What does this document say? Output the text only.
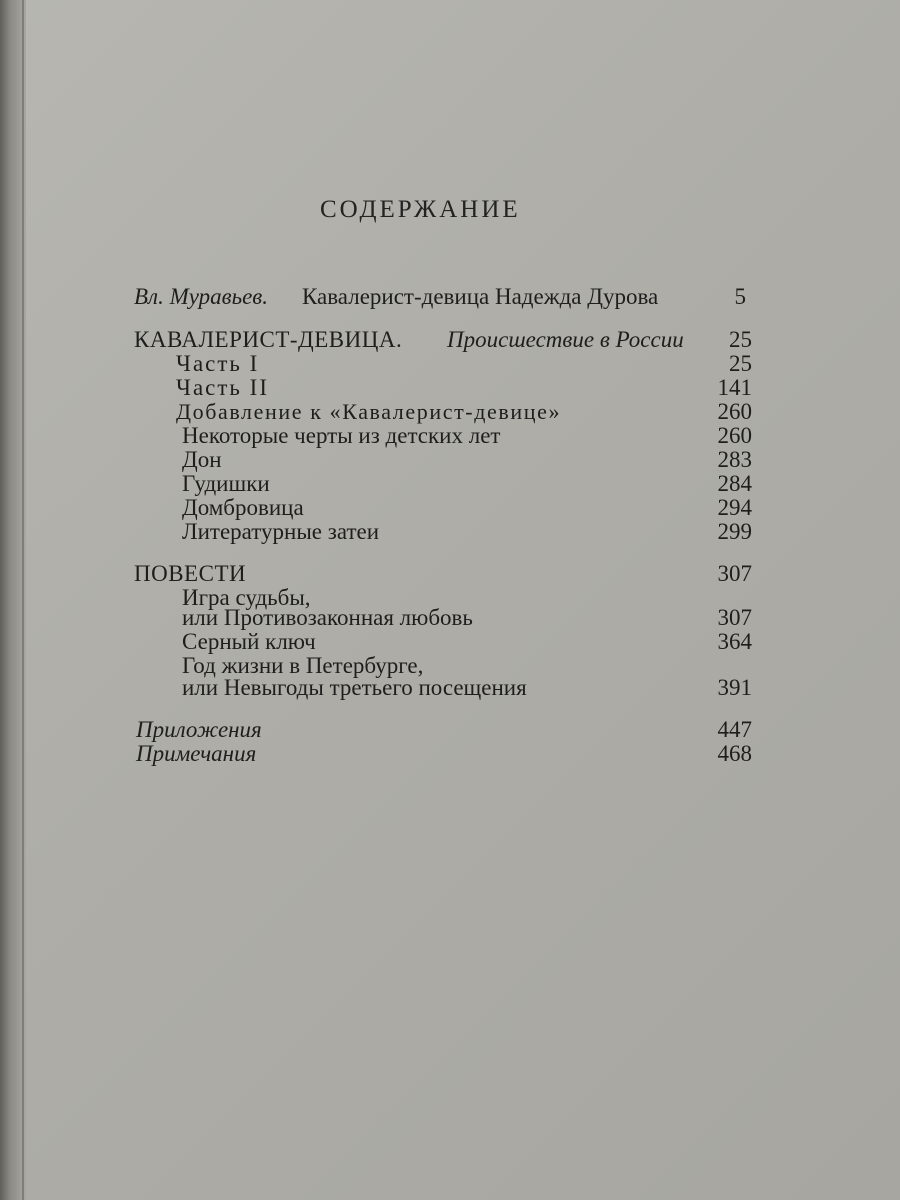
СОДЕРЖАНИЕ
Вл. Муравьев. Кавалерист-девица Надежда Дурова	5
КАВАЛЕРИСТ-ДЕВИЦА. Происшествие в России	25
Часть I	25
Часть II	141
Добавление к «Кавалерист-девице»	260
Некоторые черты из детских лет	260
Дон	283
Гудишки	284
Домбровица	294
Литературные затеи	299
ПОВЕСТИ	307
Игра судьбы,
или Противозаконная любовь	307
Серный ключ	364
Год жизни в Петербурге,
или Невыгоды третьего посещения	391
Приложения	447
Примечания	468
